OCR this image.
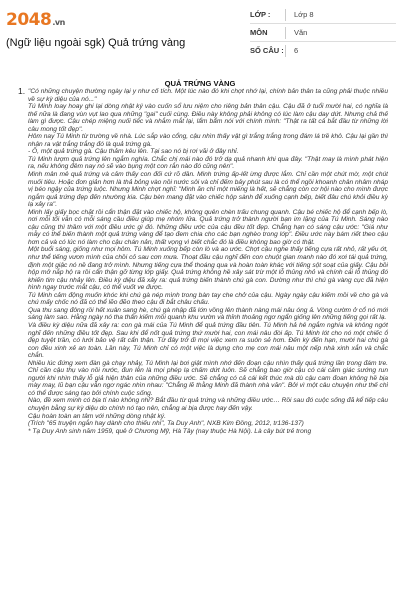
2048.vn
(Ngữ liệu ngoài sgk) Quả trứng vàng
LỚP :	Lớp 8
MÔN	Văn
SỐ CÂU : 6
1.
QUẢ TRỨNG VÀNG

"Có những chuyện thường ngày lại y như cổ tích. Một lúc nào đó khi chợt nhớ lại, chính bản thân ta cũng phải thuộc nhiều về sự kỳ diệu của nó..."

Tú Minh loay hoay ghi lại dòng nhật ký vào cuốn sổ lưu niệm cho riêng bản thân cậu. Cậu đã ở tuổi mười hai, có nghĩa là thế nữa là đang vùn vụt lao qua những "gai" cuối cùng. Điều này không phải không có lúc làm cậu day dứt. Nhưng chả thế làm gì được. Cậu chép miệng nuối tiếc và nhắm mắt lại, lẩm bẩm nói với chính mình: "Thật ra tất cả bắt đầu từ những lời câu mong tốt đẹp".

Hôm nay Tú Minh từ trường về nhà. Lúc sắp vào cổng, cậu nhìn thấy vật gì trắng trắng trong đám lá trề khô. Cậu lại gần thì nhận ra vật trắng trắng đó là quả trứng gà.

- Ô, một quả trứng gà. Cậu thảm kêu lên. Tại sao nó bị rơi vãi ở đây nhỉ.

Tú Minh lượm quả trứng lên ngắm nghía. Chắc chị mái nào đó trở dạ quả nhanh khi qua đây. "Thật may là mình phát hiện ra, nếu không đêm nay nó sẽ vào bụng một con rắn nào đó cũng nên".

Minh mân mê quả trứng và cảm thấy con đối cứ rõ dần. Minh trứng ấp-lết ừng được lắm. Chỉ cần một chút mờ, một chút muối tiêu. Hoặc đơn giản hơn là thả bỏng vào nồi nước sôi và chỉ đếm bảy phút sau là có thể ngồi khoanh chân nhâm nháp vị béo ngậy của trứng luộc. Nhưng Minh chợt nghĩ: "Minh ăn chỉ một miếng là hết, sẽ chẳng còn cơ hội nào cho mình được ngắm quả trứng đẹp đến nhường kia. Cậu bèn mang đặt vào chiếc hộp sành để xuống cạnh bếp, biết đâu chú khỏi điều kỳ lạ xảy ra".

Minh lấy giấy bọc chặt rồi cẩn thận đặt vào chiếc hộ, không quên chèn trấu chung quanh. Cậu bé chiếc hộ để cạnh bếp lò, nơi mỗi tối vẫn có mỗi sáng cầu điều giúp mẹ nhóm lửa. Quả trứng trở thành người bạn im lặng của Tú Minh. Sáng nào cậu cũng thì thầm với một điều ước gì đó. Những điều ước của cậu đều tốt đẹp. Chẳng hạn có sáng cậu ước: "Giá như mẫy có thể biến thành một quả trứng vàng để tạo đem chia cho các bạn nghèo trong lớp". Điều ước này bám riết theo cậu hơn cả và có lúc nó làm cho cậu chán nản, thất vọng vì biết chắc đó là điều không bao giờ có thật.

Một buổi sáng, giống như mọi hôm. Tú Minh xuống bếp còn lò và ao ước. Chợt cậu nghe thấy tiếng cựa rất nhỏ, rất yếu ớt, như thể tiếng vươn mình của chồi cỏ sau cơn mưa. Thoạt đầu cậu nghĩ đến con chuột gian manh nào đó xơi tái quả trứng, định một giậc nó nề đang trở mình. Nhưng tiếng cựa thể thoáng qua và hoàn toàn khác với tiếng sột soạt của giấy. Cậu bồi hộp mở nắp hộ ra rồi cẩn thận gỡ từng lớp giấy. Quả trứng không hề xây sát trừ một lỗ thủng nhỏ và chính cái lỗ thủng đó khiến tim cậu nhảy lên. Điều kỳ diệu đã xảy ra: quả trứng biến thành chú gà con. Dường như thì chú gà vàng cục đã hiện hình ngay trước mắt cậu, có thể vuốt ve được.

Tú Minh cảm động muốn khóc khi chú gà nép mình trong bàn tay che chở của cậu. Ngày ngày cậu kiếm mồi về cho gà và chú mấy chốc nó đã có thể lẽo đẽo theo cậu đi bắt châu chấu.

Qua thu sang đông rồi hết xuân sang hè, chú gà nhập đã lớn vồng lên thành nàng mái nâu óng ả. Vòng cườm ở cổ nó mới sáng làm sao. Hằng ngày nó tha thẩn kiếm mồi quanh khu vườn và thỉnh thoảng ngơ ngẩn giống lên những tiếng gọi rất lạ.

Và điều kỳ diệu nữa đã xảy ra: con gà mái của Tú Minh để quả trứng đầu tiên. Tú Minh hả hê ngắm nghía và không ngớt nghĩ đến những điều tốt đẹp. Sau khi để nốt quả trứng thứ mười hai, con mái nâu đòi ấp. Tú Minh lót cho nó một chiếc ổ đẹp tuyệt trần, có lưới bảo vệ rất cẩn thận. Từ đây trở đi mọi việc xem ra suôn sẻ hơn. Đến kỳ đến hạn, mười hai chú gà con đều xinh xẻ an toàn. Lần này, Tú Minh chỉ có một việc là dụng cho mẹ con mái nâu một nếp nhà xinh xắn và chắc chắn.

Nhiều lúc đứng xem đàn gà chạy nhảy, Tú Minh lại bơi giật mình nhớ đến đoạn cậu nhìn thấy quả trứng lần trong đám tre. Chỉ cần cậu thụ vào nồi nước, đun lên là mọi phép lạ chấm dứt luôn. Sẽ chẳng bao giờ cậu có cái cảm giác sướng run người khi nhìn thấy lỗ giả hiện thân của những điều ước. Sẽ chẳng có cả cái kết thúc mà dù cậu cam đoan không hề bịa mày may, lũ bạn cậu vẫn ngơ ngác nhìn nhau: "Chẳng lẽ thằng Minh đã thành nhà văn". Bởi vì một câu chuyện như thế chỉ có thể được sáng tạo bởi chính cuộc sống.

Nào, đề xem minh có bịa tí nào không nhỉ? Bắt đầu từ quả trứng và những điều ước… Rồi sau đó cuộc sống đã kể tiếp câu chuyện bằng sự kỳ diệu do chính nó tạo nên, chẳng ai bịa được hay đến vậy.

Cậu hoàn toàn an tâm với những dòng nhật ký.

(Trích "65 truyện ngắn hay dành cho thiếu nhi", Ta Duy Anh", NXB Kim Đồng, 2012, tr136-137)

* Tạ Duy Anh sinh năm 1959, quê ở Chương Mỹ, Hà Tây (nay thuộc Hà Nội). Là cây bút trẻ trong
